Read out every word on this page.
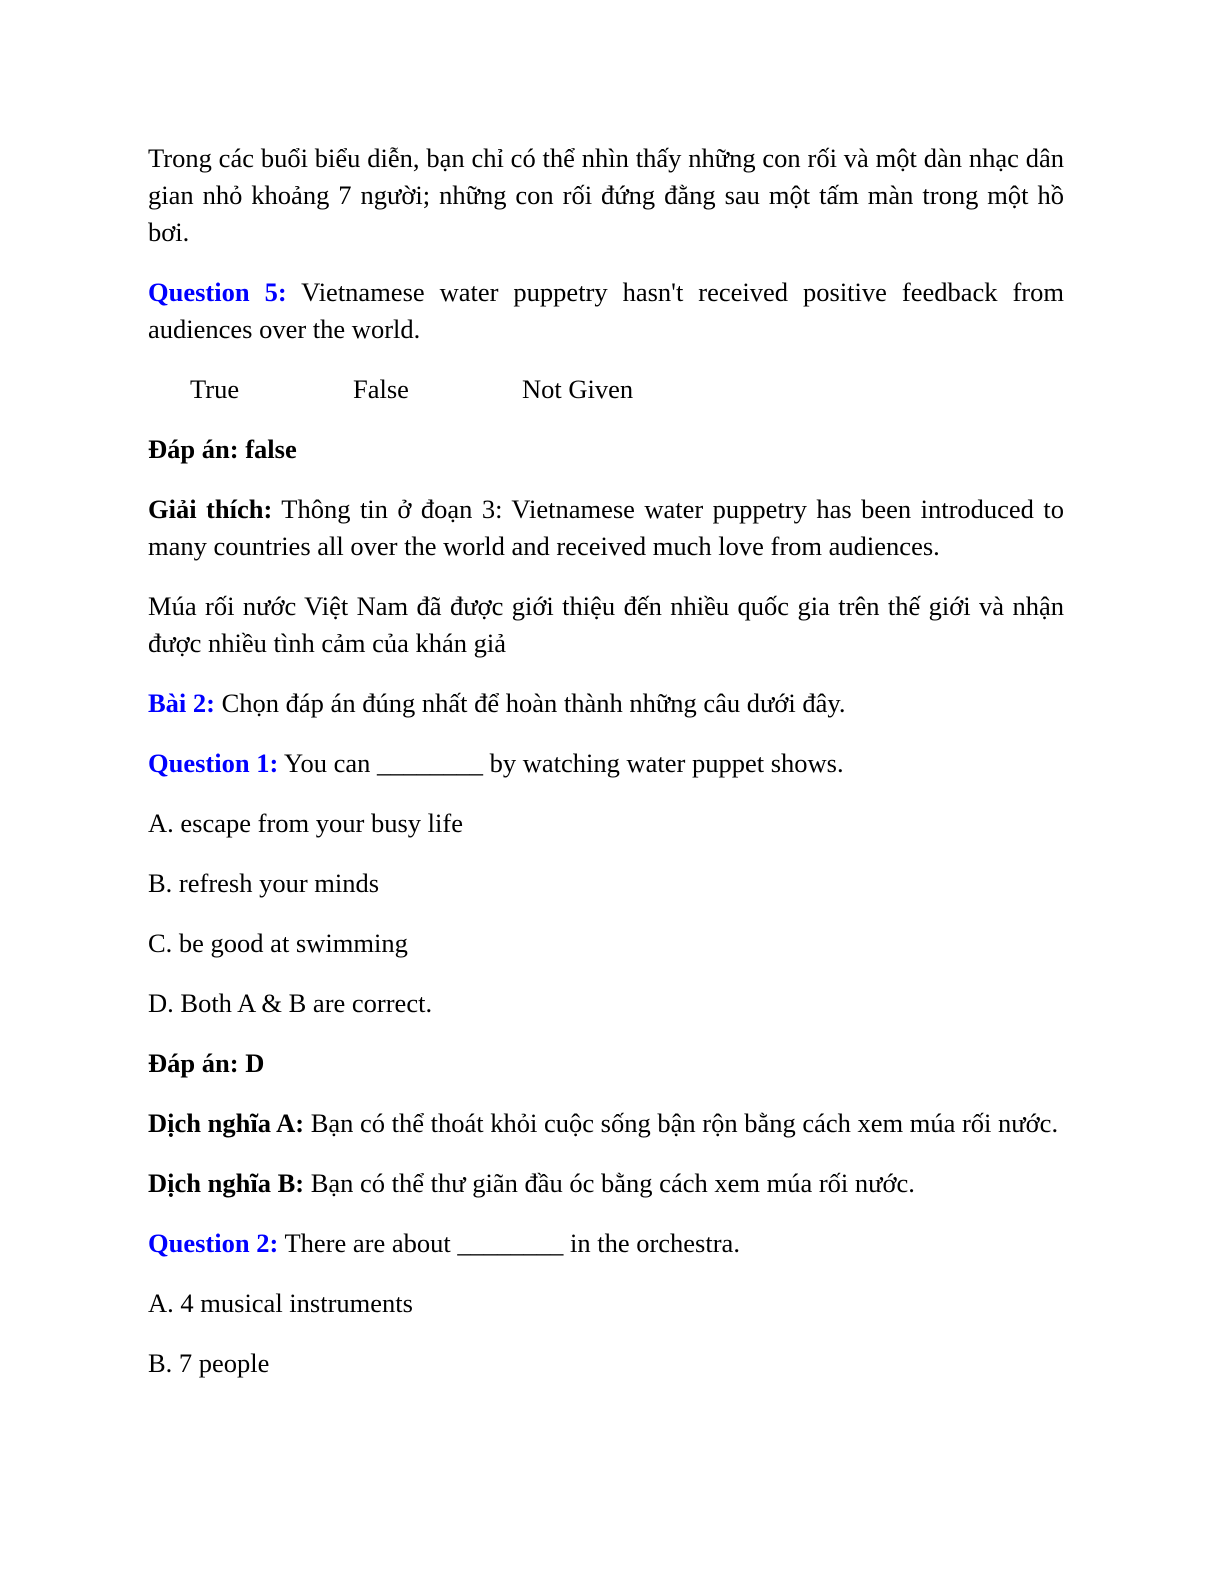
Trong các buổi biểu diễn, bạn chỉ có thể nhìn thấy những con rối và một dàn nhạc dân gian nhỏ khoảng 7 người; những con rối đứng đằng sau một tấm màn trong một hồ bơi.

Question 5: Vietnamese water puppetry hasn't received positive feedback from audiences over the world.

True	False	Not Given

Đáp án: false

Giải thích: Thông tin ở đoạn 3: Vietnamese water puppetry has been introduced to many countries all over the world and received much love from audiences.

Múa rối nước Việt Nam đã được giới thiệu đến nhiều quốc gia trên thế giới và nhận được nhiều tình cảm của khán giả

Bài 2: Chọn đáp án đúng nhất để hoàn thành những câu dưới đây.

Question 1: You can ________ by watching water puppet shows.

A. escape from your busy life

B. refresh your minds

C. be good at swimming

D. Both A & B are correct.

Đáp án: D

Dịch nghĩa A: Bạn có thể thoát khỏi cuộc sống bận rộn bằng cách xem múa rối nước.

Dịch nghĩa B: Bạn có thể thư giãn đầu óc bằng cách xem múa rối nước.

Question 2: There are about ________ in the orchestra.

A. 4 musical instruments

B. 7 people
